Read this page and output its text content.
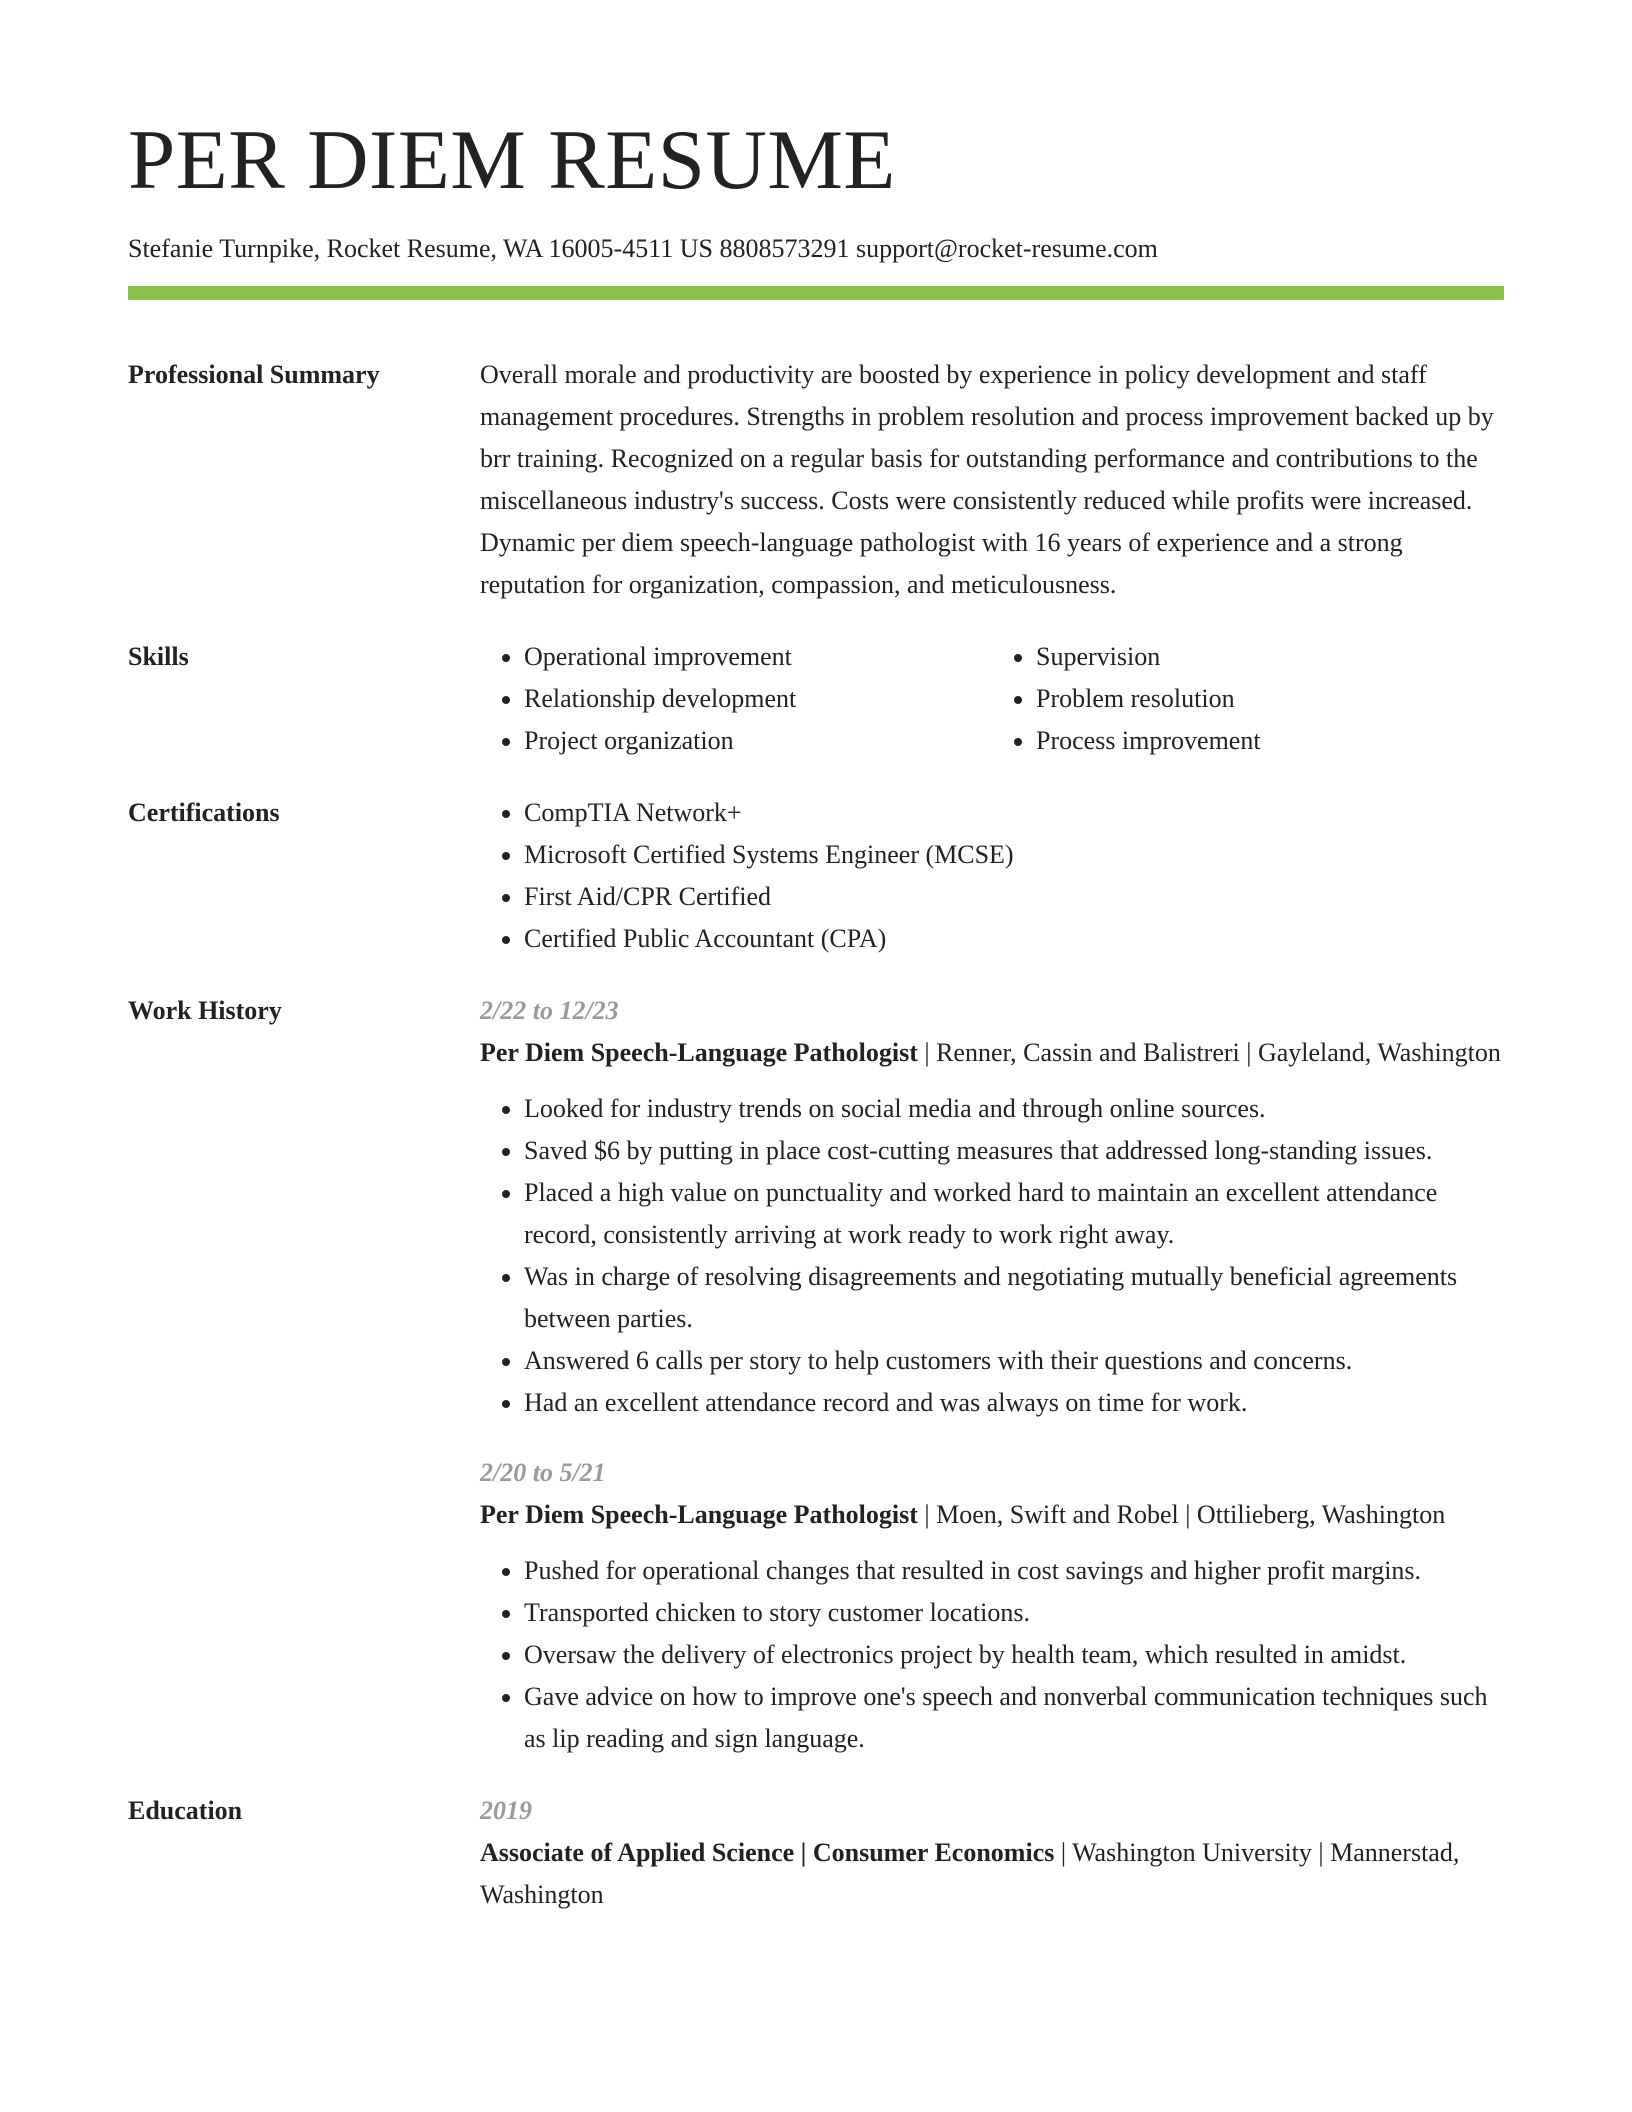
PER DIEM RESUME
Stefanie Turnpike, Rocket Resume, WA 16005-4511 US 8808573291 support@rocket-resume.com
Professional Summary	Overall morale and productivity are boosted by experience in policy development and staff management procedures. Strengths in problem resolution and process improvement backed up by brr training. Recognized on a regular basis for outstanding performance and contributions to the miscellaneous industry's success. Costs were consistently reduced while profits were increased. Dynamic per diem speech-language pathologist with 16 years of experience and a strong reputation for organization, compassion, and meticulousness.

Skills	• Operational improvement
• Relationship development
• Project organization
• Supervision
• Problem resolution
• Process improvement
Certifications	• CompTIA Network+
• Microsoft Certified Systems Engineer (MCSE)
• First Aid/CPR Certified
• Certified Public Accountant (CPA)
Work History	2/22 to 12/23
Per Diem Speech-Language Pathologist | Renner, Cassin and Balistreri | Gayleland, Washington
• Looked for industry trends on social media and through online sources.
• Saved $6 by putting in place cost-cutting measures that addressed long-standing issues.
• Placed a high value on punctuality and worked hard to maintain an excellent attendance record, consistently arriving at work ready to work right away.
• Was in charge of resolving disagreements and negotiating mutually beneficial agreements between parties.
• Answered 6 calls per story to help customers with their questions and concerns.
• Had an excellent attendance record and was always on time for work.
2/20 to 5/21
Per Diem Speech-Language Pathologist | Moen, Swift and Robel | Ottilieberg, Washington
• Pushed for operational changes that resulted in cost savings and higher profit margins.
• Transported chicken to story customer locations.
• Oversaw the delivery of electronics project by health team, which resulted in amidst.
• Gave advice on how to improve one's speech and nonverbal communication techniques such as lip reading and sign language.
Education	2019
Associate of Applied Science | Consumer Economics | Washington University | Mannerstad, Washington
